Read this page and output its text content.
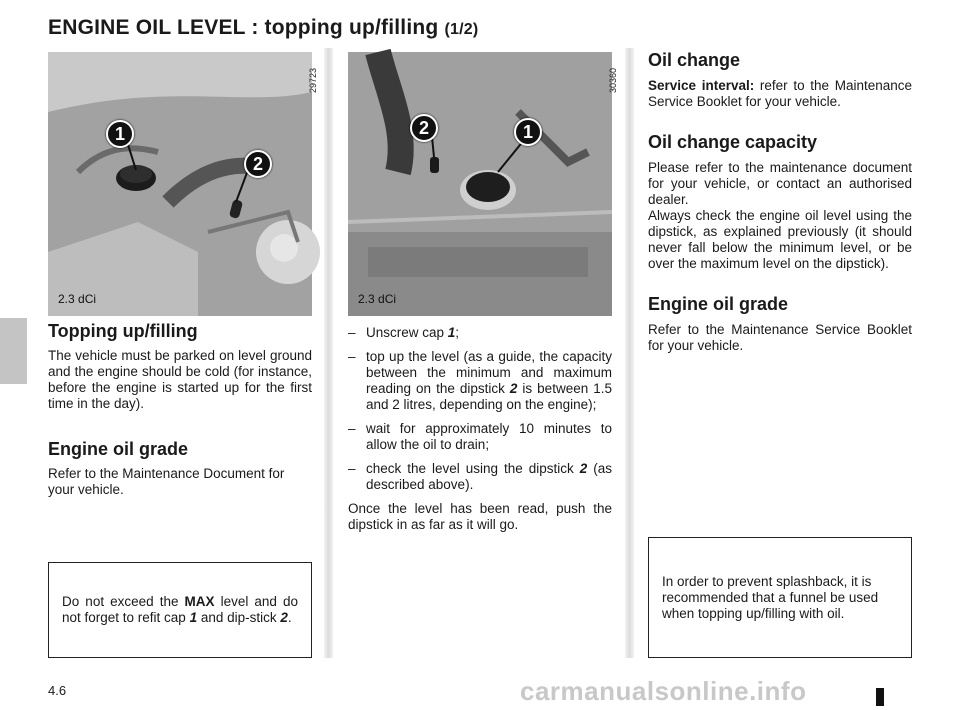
ENGINE OIL LEVEL : topping up/filling (1/2)
1
2
29723
2.3 dCi
2	1
30360
2.3 dCi
Topping up/filling

The vehicle must be parked on level ground and the engine should be cold (for instance, before the engine is started up for the first time in the day).

Engine oil grade

Refer to the Maintenance Document for your vehicle.

Do not exceed the MAX level and do not forget to refit cap 1 and dip-stick 2.
– Unscrew cap 1;
– top up the level (as a guide, the capacity between the minimum and maximum reading on the dipstick 2 is between 1.5 and 2 litres, depending on the engine);
– wait for approximately 10 minutes to allow the oil to drain;
– check the level using the dipstick 2 (as described above).

Once the level has been read, push the dipstick in as far as it will go.

Oil change

Service interval: refer to the Maintenance Service Booklet for your vehicle.

Oil change capacity

Please refer to the maintenance document for your vehicle, or contact an authorised dealer.

Always check the engine oil level using the dipstick, as explained previously (it should never fall below the minimum level, or be over the maximum level on the dipstick).

Engine oil grade

Refer to the Maintenance Service Booklet for your vehicle.

In order to prevent splashback, it is recommended that a funnel be used when topping up/filling with oil.
4.6	carmanualsonline.info
